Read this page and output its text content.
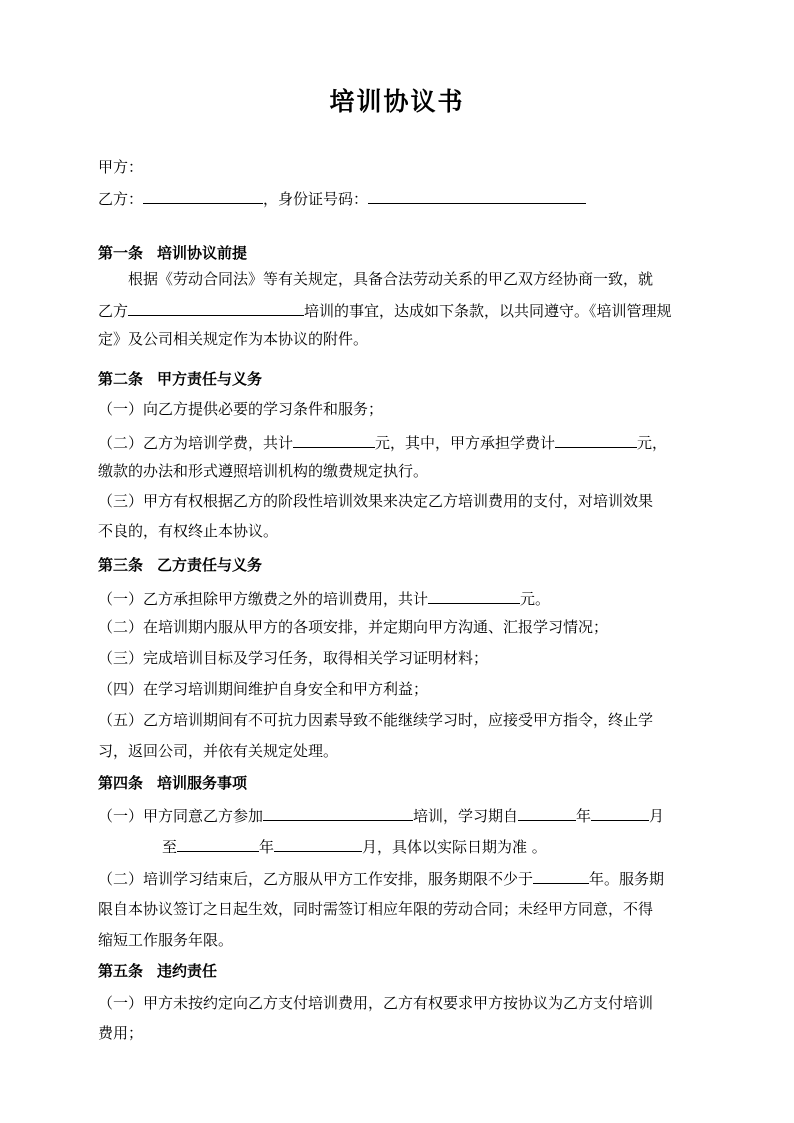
培训协议书
甲方：
乙方：	，身份证号码：
第一条 培训协议前提
根据《劳动合同法》等有关规定，具备合法劳动关系的甲乙双方经协商一致，就
乙方	培训的事宜，达成如下条款，以共同遵守。《培训管理规
定》及公司相关规定作为本协议的附件。
第二条 甲方责任与义务
（一）向乙方提供必要的学习条件和服务；
（二）乙方为培训学费，共计	元，其中，甲方承担学费计	元，
缴款的办法和形式遵照培训机构的缴费规定执行。
（三）甲方有权根据乙方的阶段性培训效果来决定乙方培训费用的支付，对培训效果
不良的，有权终止本协议。
第三条 乙方责任与义务
（一）乙方承担除甲方缴费之外的培训费用，共计	元。
（二）在培训期内服从甲方的各项安排，并定期向甲方沟通、汇报学习情况；
（三）完成培训目标及学习任务，取得相关学习证明材料；
（四）在学习培训期间维护自身安全和甲方利益；
（五）乙方培训期间有不可抗力因素导致不能继续学习时，应接受甲方指令，终止学
习，返回公司，并依有关规定处理。
第四条 培训服务事项
（一）甲方同意乙方参加	培训，学习期自	年	月
至	年	月，具体以实际日期为准 。
（二）培训学习结束后，乙方服从甲方工作安排，服务期限不少于	年。服务期
限自本协议签订之日起生效，同时需签订相应年限的劳动合同；未经甲方同意，不得
缩短工作服务年限。
第五条 违约责任
（一）甲方未按约定向乙方支付培训费用，乙方有权要求甲方按协议为乙方支付培训
费用；
